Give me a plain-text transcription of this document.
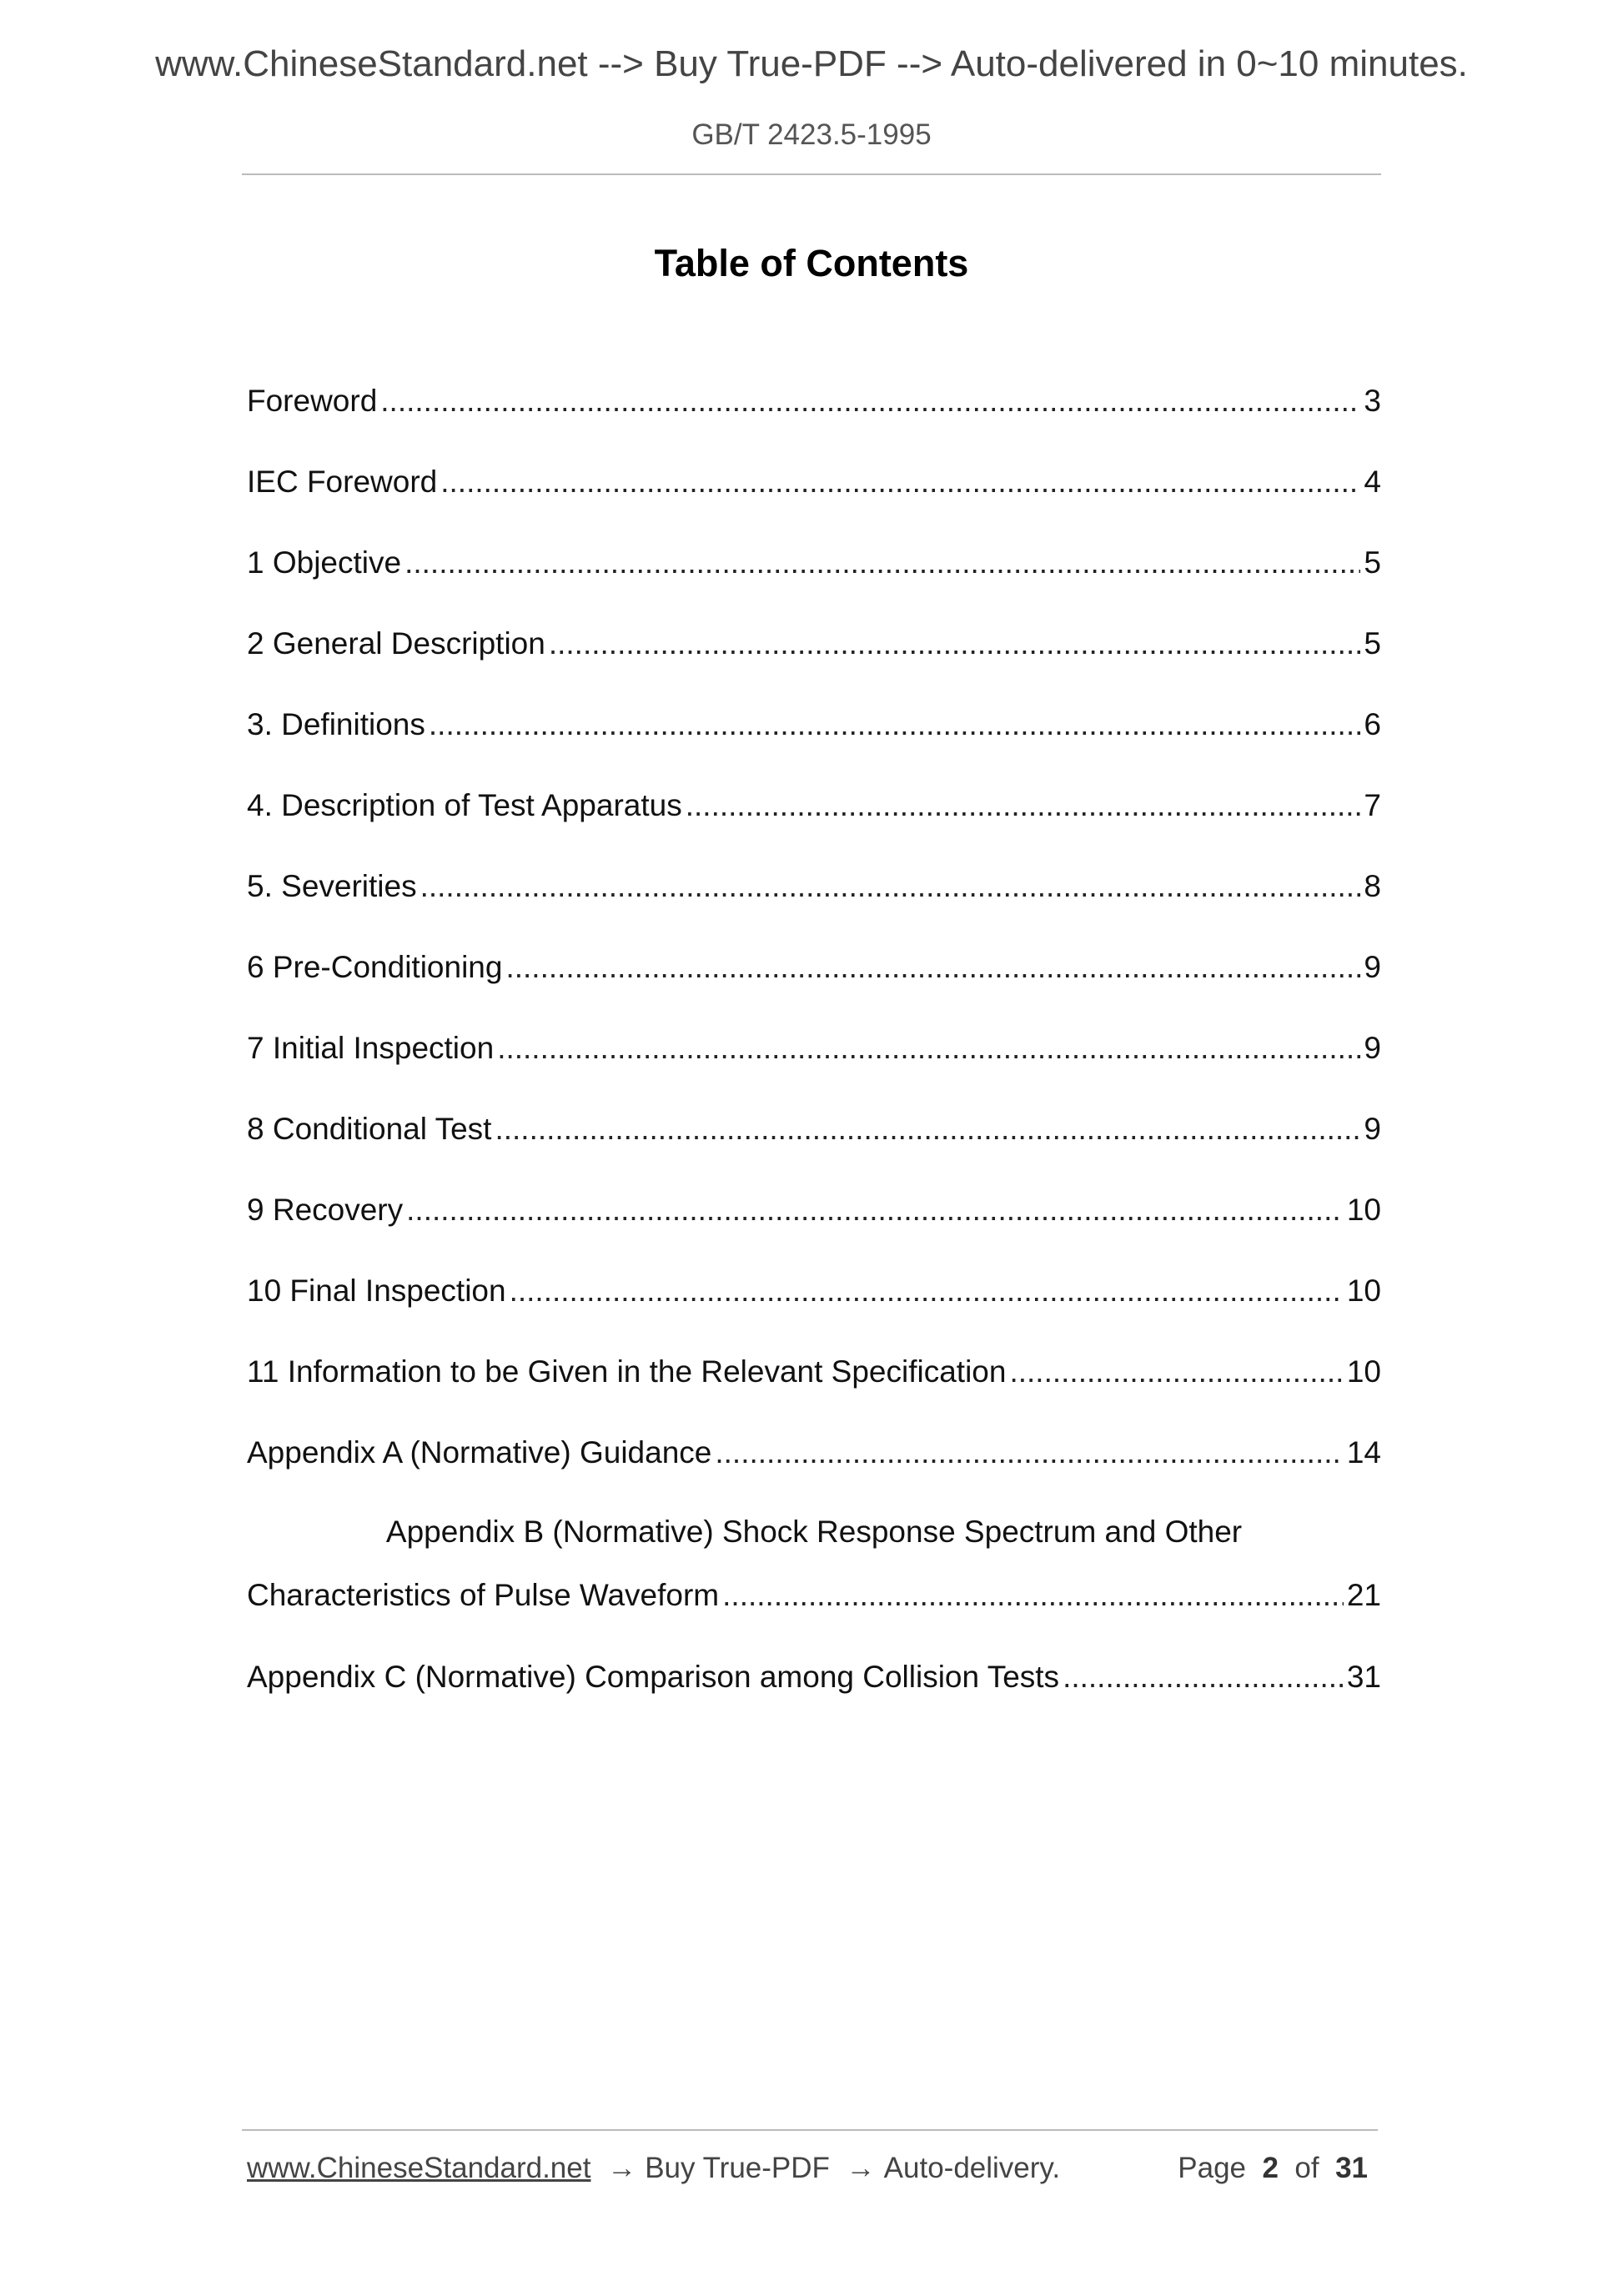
www.ChineseStandard.net --> Buy True-PDF --> Auto-delivered in 0~10 minutes.
GB/T 2423.5-1995
Table of Contents
Foreword .....	3
IEC Foreword .....	4
1 Objective .....	5
2 General Description .....	5
3. Definitions .....	6
4. Description of Test Apparatus .....	7
5. Severities .....	8
6 Pre-Conditioning .....	9
7 Initial Inspection .....	9
8 Conditional Test .....	9
9 Recovery .....	10
10 Final Inspection .....	10
11 Information to be Given in the Relevant Specification .....	10
Appendix A (Normative) Guidance .....	14
Appendix B (Normative) Shock Response Spectrum and Other
Characteristics of Pulse Waveform .....	21
Appendix C (Normative) Comparison among Collision Tests .....	31
www.ChineseStandard.net → Buy True-PDF → Auto-delivery.	Page 2 of 31
